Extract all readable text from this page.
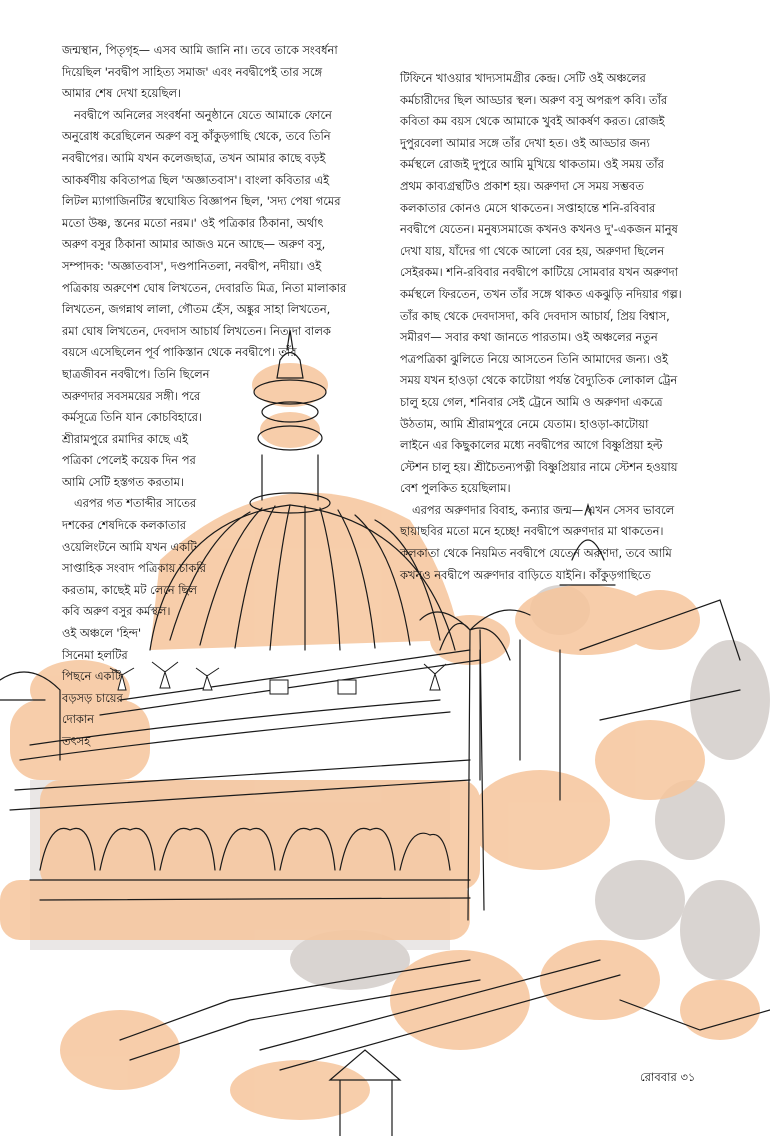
জন্মস্থান, পিতৃগৃহ— এসব আমি জানি না। তবে তাকে সংবর্ধনা
দিয়েছিল 'নবদ্বীপ সাহিত্য সমাজ' এবং নবদ্বীপেই তার সঙ্গে
আমার শেষ দেখা হয়েছিল।
নবদ্বীপে অনিলের সংবর্ধনা অনুষ্ঠানে যেতে আমাকে ফোনে
অনুরোধ করেছিলেন অরুণ বসু কাঁকুড়গাছি থেকে, তবে তিনি
নবদ্বীপের। আমি যখন কলেজছাত্র, তখন আমার কাছে বড়ই
আকর্ষণীয় কবিতাপত্র ছিল 'অজ্ঞাতবাস'। বাংলা কবিতার এই
লিটল ম্যাগাজিনটির স্বঘোষিত বিজ্ঞাপন ছিল, 'সদ্য পেষা গমের
মতো উষ্ণ, স্তনের মতো নরম।' ওই পত্রিকার ঠিকানা, অর্থাৎ
অরুণ বসুর ঠিকানা আমার আজও মনে আছে— অরুণ বসু,
সম্পাদক: 'অজ্ঞাতবাস', দণ্ডপানিতলা, নবদ্বীপ, নদীয়া। ওই
পত্রিকায় অরুণেশ ঘোষ লিখতেন, দেবারতি মিত্র, নিতা মালাকার
লিখতেন, জগন্নাথ লালা, গৌতম হেঁস, অঙ্কুর সাহা লিখতেন,
রমা ঘোষ লিখতেন, দেবদাস আচার্য লিখতেন। নিত্যদা বালক
বয়সে এসেছিলেন পূর্ব পাকিস্তান থেকে নবদ্বীপে। তাঁর
ছাত্রজীবন নবদ্বীপে। তিনি ছিলেন
অরুণদার সবসময়ের সঙ্গী। পরে
কর্মসূত্রে তিনি যান কোচবিহারে।
শ্রীরামপুরে রমাদির কাছে এই
পত্রিকা পেলেই কয়েক দিন পর
আমি সেটি হস্তগত করতাম।
এরপর গত শতাব্দীর সাতের
দশকের শেষদিকে কলকাতার
ওয়েলিংটনে আমি যখন একটি
সাপ্তাহিক সংবাদ পত্রিকায় চাকরি
করতাম, কাছেই মট লেনে ছিল
কবি অরুণ বসুর কর্মস্থল।
ওই অঞ্চলে 'হিন্দ'
সিনেমা হলটির
পিছনে একটি
বড়সড় চায়ের
দোকান
তৎসহ
টিফিনে খাওয়ার খাদ্যসামগ্রীর কেন্দ্র। সেটি ওই অঞ্চলের
কর্মচারীদের ছিল আড্ডার স্থল। অরুণ বসু অপরূপ কবি। তাঁর
কবিতা কম বয়স থেকে আমাকে খুবই আকর্ষণ করত। রোজই
দুপুরবেলা আমার সঙ্গে তাঁর দেখা হত। ওই আড্ডার জন্য
কর্মস্থলে রোজই দুপুরে আমি মুখিয়ে থাকতাম। ওই সময় তাঁর
প্রথম কাব্যগ্রন্থটিও প্রকাশ হয়। অরুণদা সে সময় সম্ভবত
কলকাতার কোনও মেসে থাকতেন। সপ্তাহান্তে শনি-রবিবার
নবদ্বীপে যেতেন। মনুষ্যসমাজে কখনও কখনও দু'-একজন মানুষ
দেখা যায়, যাঁদের গা থেকে আলো বের হয়, অরুণদা ছিলেন
সেইরকম। শনি-রবিবার নবদ্বীপে কাটিয়ে সোমবার যখন অরুণদা
কর্মস্থলে ফিরতেন, তখন তাঁর সঙ্গে থাকত একঝুড়ি নদিয়ার গল্প।
তাঁর কাছ থেকে দেবদাসদা, কবি দেবদাস আচার্য, প্রিয় বিশ্বাস,
সমীরণ— সবার কথা জানতে পারতাম। ওই অঞ্চলের নতুন
পত্রপত্রিকা ঝুলিতে নিয়ে আসতেন তিনি আমাদের জন্য। ওই
সময় যখন হাওড়া থেকে কাটোয়া পর্যন্ত বৈদ্যুতিক লোকাল ট্রেন
চালু হয়ে গেল, শনিবার সেই ট্রেনে আমি ও অরুণদা একত্রে
উঠতাম, আমি শ্রীরামপুরে নেমে যেতাম। হাওড়া-কাটোয়া
লাইনে এর কিছুকালের মধ্যে নবদ্বীপের আগে বিষ্ণুপ্রিয়া হল্ট
স্টেশন চালু হয়। শ্রীচৈতন্যপত্নী বিষ্ণুপ্রিয়ার নামে স্টেশন হওয়ায়
বেশ পুলকিত হয়েছিলাম।
এরপর অরুণদার বিবাহ, কন্যার জন্ম— এখন সেসব ভাবলে
ছায়াছবির মতো মনে হচ্ছে! নবদ্বীপে অরুণদার মা থাকতেন।
কলকাতা থেকে নিয়মিত নবদ্বীপে যেতেন অরুণদা, তবে আমি
কখনও নবদ্বীপে অরুণদার বাড়িতে যাইনি। কাঁকুড়গাছিতে
রোববার ৩১
